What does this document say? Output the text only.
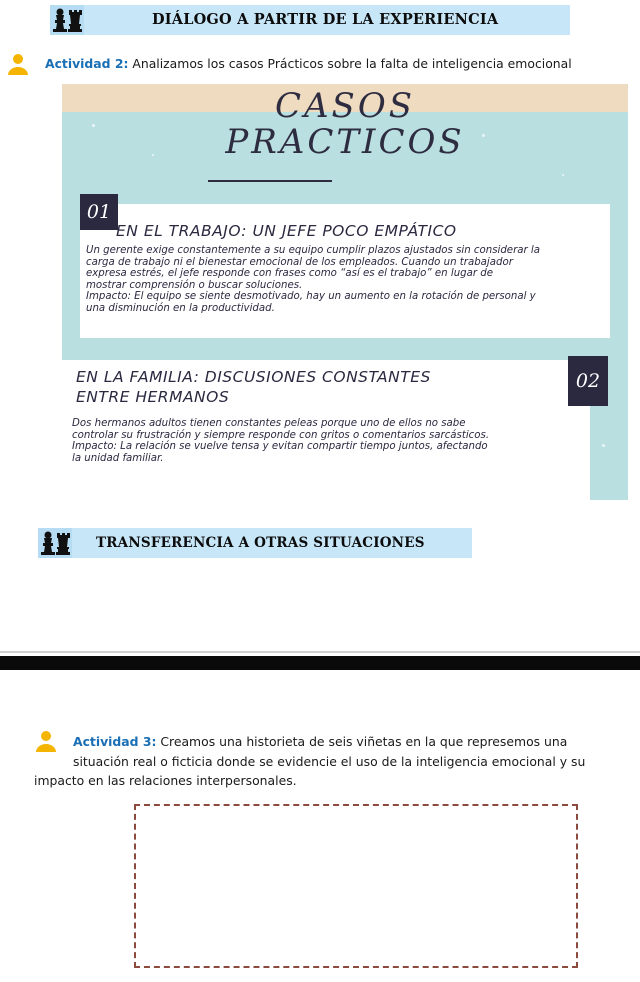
DIÁLOGO A PARTIR DE LA EXPERIENCIA
Actividad 2: Analizamos los casos Prácticos sobre la falta de inteligencia emocional
CASOS
PRACTICOS
01
EN EL TRABAJO: UN JEFE POCO EMPÁTICO
Un gerente exige constantemente a su equipo cumplir plazos ajustados sin considerar la
carga de trabajo ni el bienestar emocional de los empleados. Cuando un trabajador
expresa estrés, el jefe responde con frases como “así es el trabajo” en lugar de
mostrar comprensión o buscar soluciones.
Impacto: El equipo se siente desmotivado, hay un aumento en la rotación de personal y
una disminución en la productividad.
EN LA FAMILIA: DISCUSIONES CONSTANTES
ENTRE HERMANOS
02
Dos hermanos adultos tienen constantes peleas porque uno de ellos no sabe
controlar su frustración y siempre responde con gritos o comentarios sarcásticos.
Impacto: La relación se vuelve tensa y evitan compartir tiempo juntos, afectando
la unidad familiar.
TRANSFERENCIA A OTRAS SITUACIONES
Actividad 3: Creamos una historieta de seis viñetas en la que represemos una
situación real o ficticia donde se evidencie el uso de la inteligencia emocional y su
impacto en las relaciones interpersonales.
